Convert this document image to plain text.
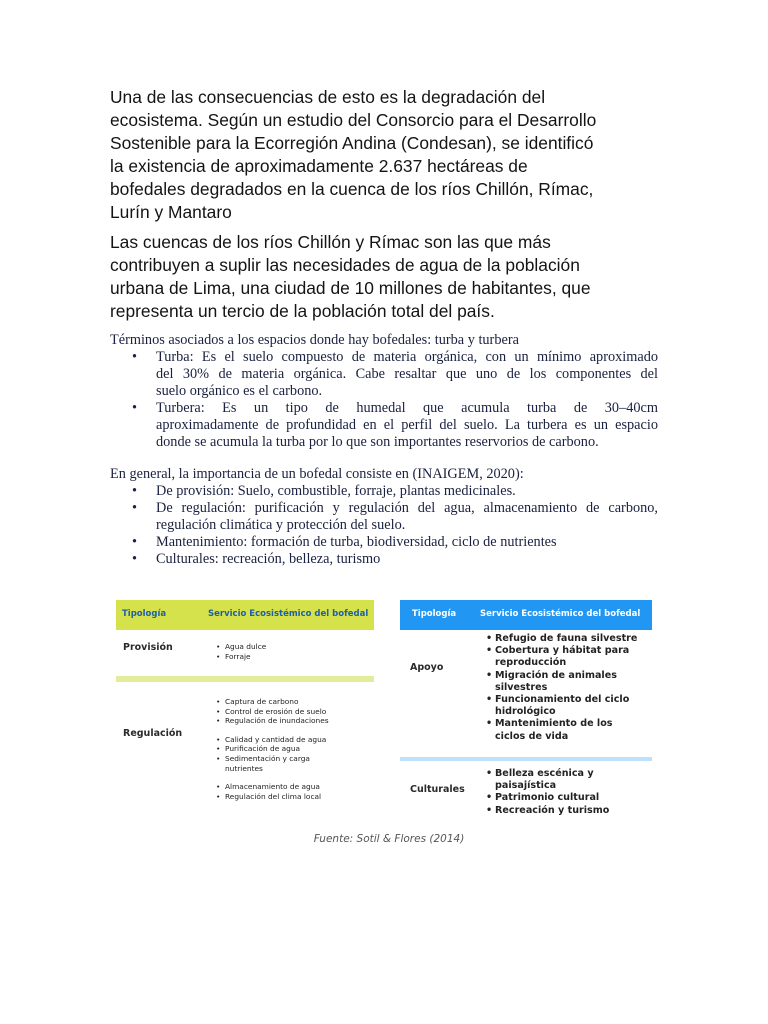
Una de las consecuencias de esto es la degradación del
ecosistema. Según un estudio del Consorcio para el Desarrollo
Sostenible para la Ecorregión Andina (Condesan), se identificó
la existencia de aproximadamente 2.637 hectáreas de
bofedales degradados en la cuenca de los ríos Chillón, Rímac,
Lurín y Mantaro
Las cuencas de los ríos Chillón y Rímac son las que más
contribuyen a suplir las necesidades de agua de la población
urbana de Lima, una ciudad de 10 millones de habitantes, que
representa un tercio de la población total del país.
Términos asociados a los espacios donde hay bofedales: turba y turbera
• Turba: Es el suelo compuesto de materia orgánica, con un mínimo aproximado
del 30% de materia orgánica. Cabe resaltar que uno de los componentes del
suelo orgánico es el carbono.
• Turbera: Es un tipo de humedal que acumula turba de 30–40cm
aproximadamente de profundidad en el perfil del suelo. La turbera es un espacio
donde se acumula la turba por lo que son importantes reservorios de carbono.
En general, la importancia de un bofedal consiste en (INAIGEM, 2020):
• De provisión: Suelo, combustible, forraje, plantas medicinales.
• De regulación: purificación y regulación del agua, almacenamiento de carbono,
regulación climática y protección del suelo.
• Mantenimiento: formación de turba, biodiversidad, ciclo de nutrientes
• Culturales: recreación, belleza, turismo
Tipología	Servicio Ecosistémico del bofedal
Provisión
•	Agua dulce
• Forraje
Regulación
• Captura de carbono
• Control de erosión de suelo
• Regulación de inundaciones
• Calidad y cantidad de agua
• Purificación de agua
• Sedimentación y carga
nutrientes
• Almacenamiento de agua
• Regulación del clima local
Tipología	Servicio Ecosistémico del bofedal
Apoyo
• Refugio de fauna silvestre
• Cobertura y hábitat para reproducción
• Migración de animales silvestres
• Funcionamiento del ciclo hidrológico
• Mantenimiento de los ciclos de vida
Culturales
• Belleza escénica y paisajística
• Patrimonio cultural
• Recreación y turismo
Fuente: Sotil & Flores (2014)
